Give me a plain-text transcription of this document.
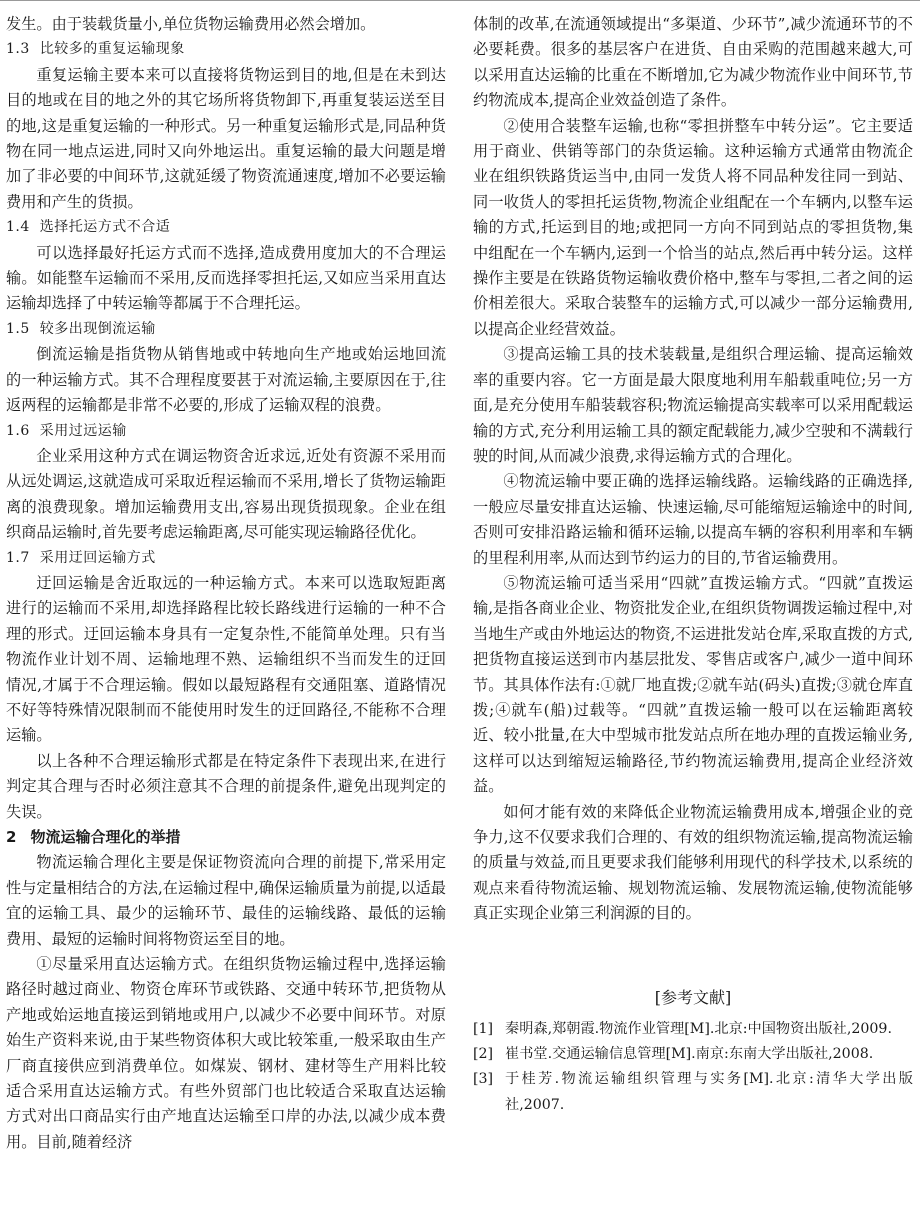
发生。由于装载货量小,单位货物运输费用必然会增加。

1.3 比较多的重复运输现象

重复运输主要本来可以直接将货物运到目的地,但是在未到达目的地或在目的地之外的其它场所将货物卸下,再重复装运送至目的地,这是重复运输的一种形式。另一种重复运输形式是,同品种货物在同一地点运进,同时又向外地运出。重复运输的最大问题是增加了非必要的中间环节,这就延缓了物资流通速度,增加不必要运输费用和产生的货损。

1.4 选择托运方式不合适

可以选择最好托运方式而不选择,造成费用度加大的不合理运输。如能整车运输而不采用,反而选择零担托运,又如应当采用直达运输却选择了中转运输等都属于不合理托运。

1.5 较多出现倒流运输

倒流运输是指货物从销售地或中转地向生产地或始运地回流的一种运输方式。其不合理程度要甚于对流运输,主要原因在于,往返两程的运输都是非常不必要的,形成了运输双程的浪费。

1.6 采用过远运输

企业采用这种方式在调运物资舍近求远,近处有资源不采用而从远处调运,这就造成可采取近程运输而不采用,增长了货物运输距离的浪费现象。增加运输费用支出,容易出现货损现象。企业在组织商品运输时,首先要考虑运输距离,尽可能实现运输路径优化。

1.7 采用迂回运输方式

迂回运输是舍近取远的一种运输方式。本来可以选取短距离进行的运输而不采用,却选择路程比较长路线进行运输的一种不合理的形式。迂回运输本身具有一定复杂性,不能简单处理。只有当物流作业计划不周、运输地理不熟、运输组织不当而发生的迂回情况,才属于不合理运输。假如以最短路程有交通阻塞、道路情况不好等特殊情况限制而不能使用时发生的迂回路径,不能称不合理运输。

以上各种不合理运输形式都是在特定条件下表现出来,在进行判定其合理与否时必须注意其不合理的前提条件,避免出现判定的失误。

2 物流运输合理化的举措

物流运输合理化主要是保证物资流向合理的前提下,常采用定性与定量相结合的方法,在运输过程中,确保运输质量为前提,以适最宜的运输工具、最少的运输环节、最佳的运输线路、最低的运输费用、最短的运输时间将物资运至目的地。

①尽量采用直达运输方式。在组织货物运输过程中,选择运输路径时越过商业、物资仓库环节或铁路、交通中转环节,把货物从产地或始运地直接运到销地或用户,以减少不必要中间环节。对原始生产资料来说,由于某些物资体积大或比较笨重,一般采取由生产厂商直接供应到消费单位。如煤炭、钢材、建材等生产用料比较适合采用直达运输方式。有些外贸部门也比较适合采取直达运输方式对出口商品实行由产地直达运输至口岸的办法,以减少成本费用。目前,随着经济

体制的改革,在流通领域提出“多渠道、少环节”,减少流通环节的不必要耗费。很多的基层客户在进货、自由采购的范围越来越大,可以采用直达运输的比重在不断增加,它为减少物流作业中间环节,节约物流成本,提高企业效益创造了条件。

②使用合装整车运输,也称“零担拼整车中转分运”。它主要适用于商业、供销等部门的杂货运输。这种运输方式通常由物流企业在组织铁路货运当中,由同一发货人将不同品种发往同一到站、同一收货人的零担托运货物,物流企业组配在一个车辆内,以整车运输的方式,托运到目的地;或把同一方向不同到站点的零担货物,集中组配在一个车辆内,运到一个恰当的站点,然后再中转分运。这样操作主要是在铁路货物运输收费价格中,整车与零担,二者之间的运价相差很大。采取合装整车的运输方式,可以减少一部分运输费用,以提高企业经营效益。

③提高运输工具的技术装载量,是组织合理运输、提高运输效率的重要内容。它一方面是最大限度地利用车船载重吨位;另一方面,是充分使用车船装载容积;物流运输提高实载率可以采用配载运输的方式,充分利用运输工具的额定配载能力,减少空驶和不满载行驶的时间,从而减少浪费,求得运输方式的合理化。

④物流运输中要正确的选择运输线路。运输线路的正确选择,一般应尽量安排直达运输、快速运输,尽可能缩短运输途中的时间,否则可安排沿路运输和循环运输,以提高车辆的容积利用率和车辆的里程利用率,从而达到节约运力的目的,节省运输费用。

⑤物流运输可适当采用“四就”直拨运输方式。“四就”直拨运输,是指各商业企业、物资批发企业,在组织货物调拨运输过程中,对当地生产或由外地运达的物资,不运进批发站仓库,采取直拨的方式,把货物直接运送到市内基层批发、零售店或客户,减少一道中间环节。其具体作法有:①就厂地直拨;②就车站(码头)直拨;③就仓库直拨;④就车(船)过载等。“四就”直拨运输一般可以在运输距离较近、较小批量,在大中型城市批发站点所在地办理的直拨运输业务,这样可以达到缩短运输路径,节约物流运输费用,提高企业经济效益。

如何才能有效的来降低企业物流运输费用成本,增强企业的竞争力,这不仅要求我们合理的、有效的组织物流运输,提高物流运输的质量与效益,而且更要求我们能够利用现代的科学技术,以系统的观点来看待物流运输、规划物流运输、发展物流运输,使物流能够真正实现企业第三利润源的目的。

[参考文献]
[1] 秦明森,郑朝霞.物流作业管理[M].北京:中国物资出版社,2009.
[2] 崔书堂.交通运输信息管理[M].南京:东南大学出版社,2008.
[3] 于桂芳.物流运输组织管理与实务[M].北京:清华大学出版社,2007.
